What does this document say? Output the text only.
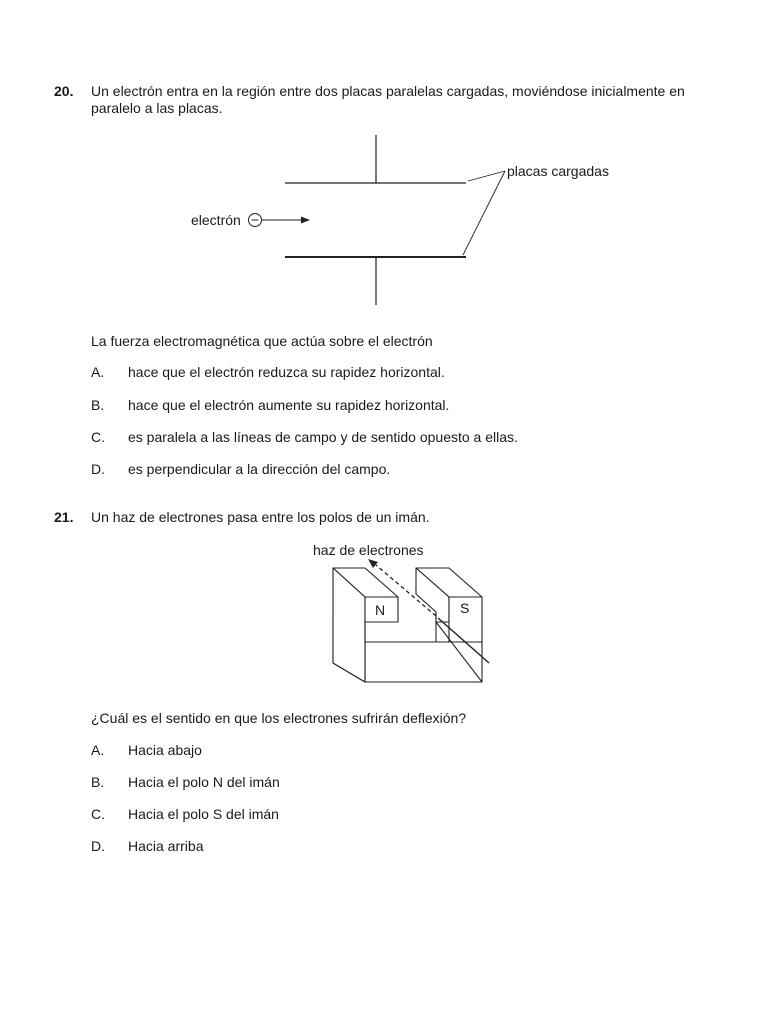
20. Un electrón entra en la región entre dos placas paralelas cargadas, moviéndose inicialmente en paralelo a las placas.
placas cargadas
electrón
La fuerza electromagnética que actúa sobre el electrón
A. hace que el electrón reduzca su rapidez horizontal.
B. hace que el electrón aumente su rapidez horizontal.
C. es paralela a las líneas de campo y de sentido opuesto a ellas.
D. es perpendicular a la dirección del campo.
21. Un haz de electrones pasa entre los polos de un imán.
haz de electrones
N	S
¿Cuál es el sentido en que los electrones sufrirán deflexión?
A. Hacia abajo
B. Hacia el polo N del imán
C. Hacia el polo S del imán
D. Hacia arriba
